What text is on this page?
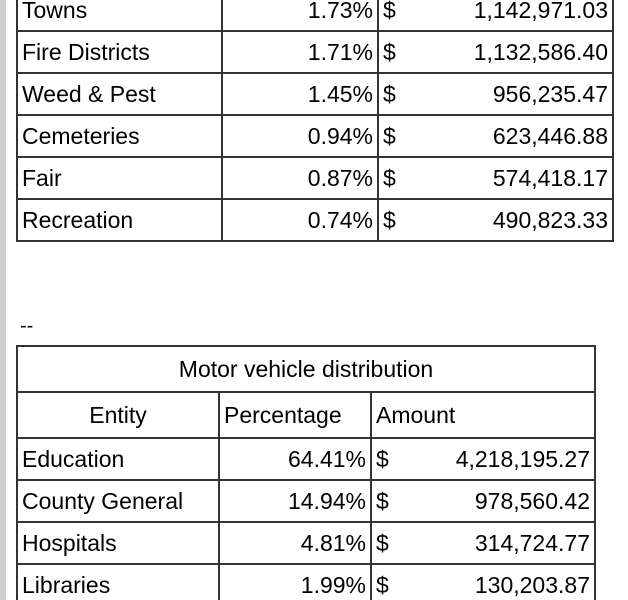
Towns	1.73%	$	1,142,971.03
Fire Districts	1.71%	$	1,132,586.40
Weed & Pest	1.45%	$	956,235.47
Cemeteries	0.94%	$	623,446.88
Fair	0.87%	$	574,418.17
Recreation	0.74%	$	490,823.33
--
Motor vehicle distribution			
Entity	Percentage	Amount	
Education	64.41%	$	4,218,195.27
County General	14.94%	$	978,560.42
Hospitals	4.81%	$	314,724.77
Libraries	1.99%	$	130,203.87
